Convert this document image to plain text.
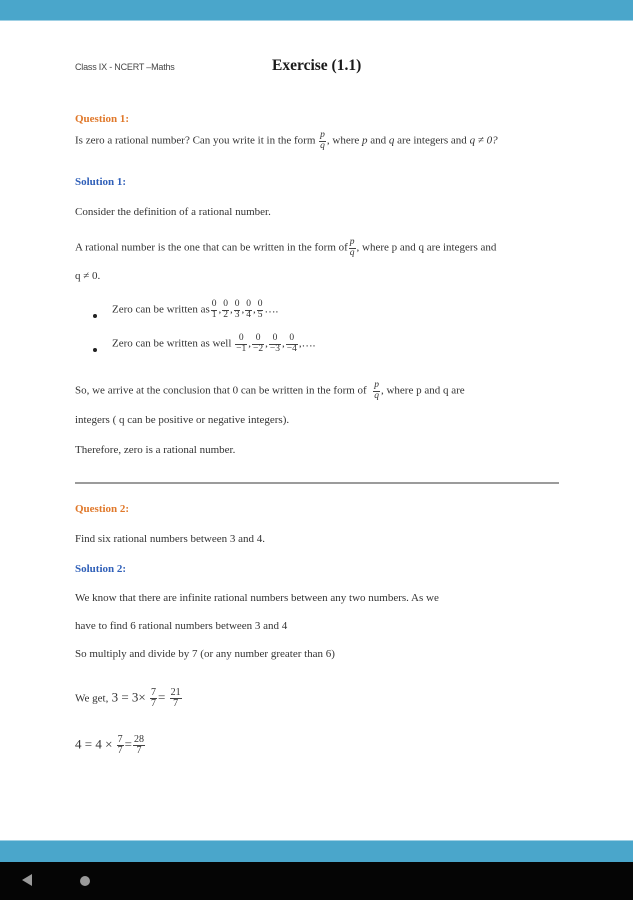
Class IX - NCERT –Maths	Exercise (1.1)
Question 1:
Is zero a rational number? Can you write it in the form $\frac{p}{q}$ , where p and q are integers and q ≠ 0?
Solution 1:
Consider the definition of a rational number.
A rational number is the one that can be written in the form of $\frac{p}{q}$ , where p and q are integers and
q ≠ 0.
Zero can be written as $\frac{0}{1}$ , $\frac{0}{2}$ , $\frac{0}{3}$ , $\frac{0}{4}$ , $\frac{0}{5}$ ….
Zero can be written as well $\frac{0}{-1}$ , $\frac{0}{-2}$ , $\frac{0}{-3}$ , $\frac{0}{-4}$ ,….
So, we arrive at the conclusion that 0 can be written in the form of $\frac{p}{q}$ , where p and q are
integers ( q can be positive or negative integers).
Therefore, zero is a rational number.
Question 2:
Find six rational numbers between 3 and 4.
Solution 2:
We know that there are infinite rational numbers between any two numbers. As we
have to find 6 rational numbers between 3 and 4
So multiply and divide by 7 (or any number greater than 6)
We get, $3 = 3\times \frac{7}{7} = \frac{21}{7}$
$4 = 4 \times \frac{7}{7} = \frac{28}{7}$
